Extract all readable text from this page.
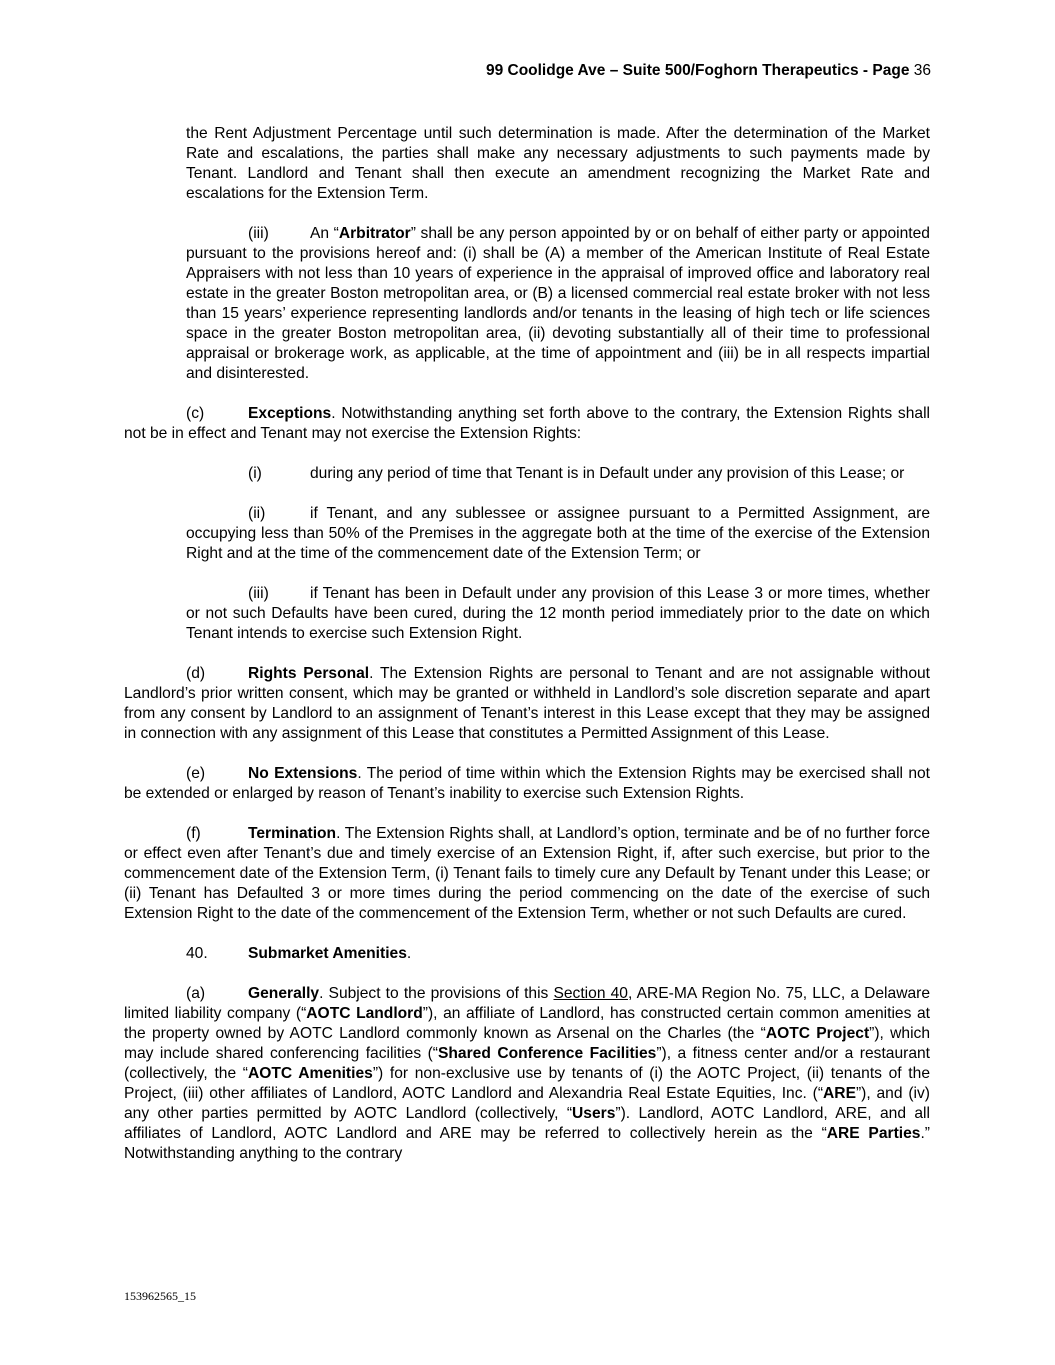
99 Coolidge Ave – Suite 500/Foghorn Therapeutics - Page 36

the Rent Adjustment Percentage until such determination is made. After the determination of the Market Rate and escalations, the parties shall make any necessary adjustments to such payments made by Tenant. Landlord and Tenant shall then execute an amendment recognizing the Market Rate and escalations for the Extension Term.

(iii)	An “Arbitrator” shall be any person appointed by or on behalf of either party or appointed pursuant to the provisions hereof and: (i) shall be (A) a member of the American Institute of Real Estate Appraisers with not less than 10 years of experience in the appraisal of improved office and laboratory real estate in the greater Boston metropolitan area, or (B) a licensed commercial real estate broker with not less than 15 years’ experience representing landlords and/or tenants in the leasing of high tech or life sciences space in the greater Boston metropolitan area, (ii) devoting substantially all of their time to professional appraisal or brokerage work, as applicable, at the time of appointment and (iii) be in all respects impartial and disinterested.

(c)	Exceptions. Notwithstanding anything set forth above to the contrary, the Extension Rights shall not be in effect and Tenant may not exercise the Extension Rights:

(i)	during any period of time that Tenant is in Default under any provision of this Lease; or

(ii)	if Tenant, and any sublessee or assignee pursuant to a Permitted Assignment, are occupying less than 50% of the Premises in the aggregate both at the time of the exercise of the Extension Right and at the time of the commencement date of the Extension Term; or

(iii)	if Tenant has been in Default under any provision of this Lease 3 or more times, whether or not such Defaults have been cured, during the 12 month period immediately prior to the date on which Tenant intends to exercise such Extension Right.

(d)	Rights Personal. The Extension Rights are personal to Tenant and are not assignable without Landlord’s prior written consent, which may be granted or withheld in Landlord’s sole discretion separate and apart from any consent by Landlord to an assignment of Tenant’s interest in this Lease except that they may be assigned in connection with any assignment of this Lease that constitutes a Permitted Assignment of this Lease.

(e)	No Extensions. The period of time within which the Extension Rights may be exercised shall not be extended or enlarged by reason of Tenant’s inability to exercise such Extension Rights.

(f)	Termination. The Extension Rights shall, at Landlord’s option, terminate and be of no further force or effect even after Tenant’s due and timely exercise of an Extension Right, if, after such exercise, but prior to the commencement date of the Extension Term, (i) Tenant fails to timely cure any Default by Tenant under this Lease; or (ii) Tenant has Defaulted 3 or more times during the period commencing on the date of the exercise of such Extension Right to the date of the commencement of the Extension Term, whether or not such Defaults are cured.

40.	Submarket Amenities.

(a)	Generally. Subject to the provisions of this Section 40, ARE-MA Region No. 75, LLC, a Delaware limited liability company (“AOTC Landlord”), an affiliate of Landlord, has constructed certain common amenities at the property owned by AOTC Landlord commonly known as Arsenal on the Charles (the “AOTC Project”), which may include shared conferencing facilities (“Shared Conference Facilities”), a fitness center and/or a restaurant (collectively, the “AOTC Amenities”) for non-exclusive use by tenants of (i) the AOTC Project, (ii) tenants of the Project, (iii) other affiliates of Landlord, AOTC Landlord and Alexandria Real Estate Equities, Inc. (“ARE”), and (iv) any other parties permitted by AOTC Landlord (collectively, “Users”). Landlord, AOTC Landlord, ARE, and all affiliates of Landlord, AOTC Landlord and ARE may be referred to collectively herein as the “ARE Parties.” Notwithstanding anything to the contrary

153962565_15
